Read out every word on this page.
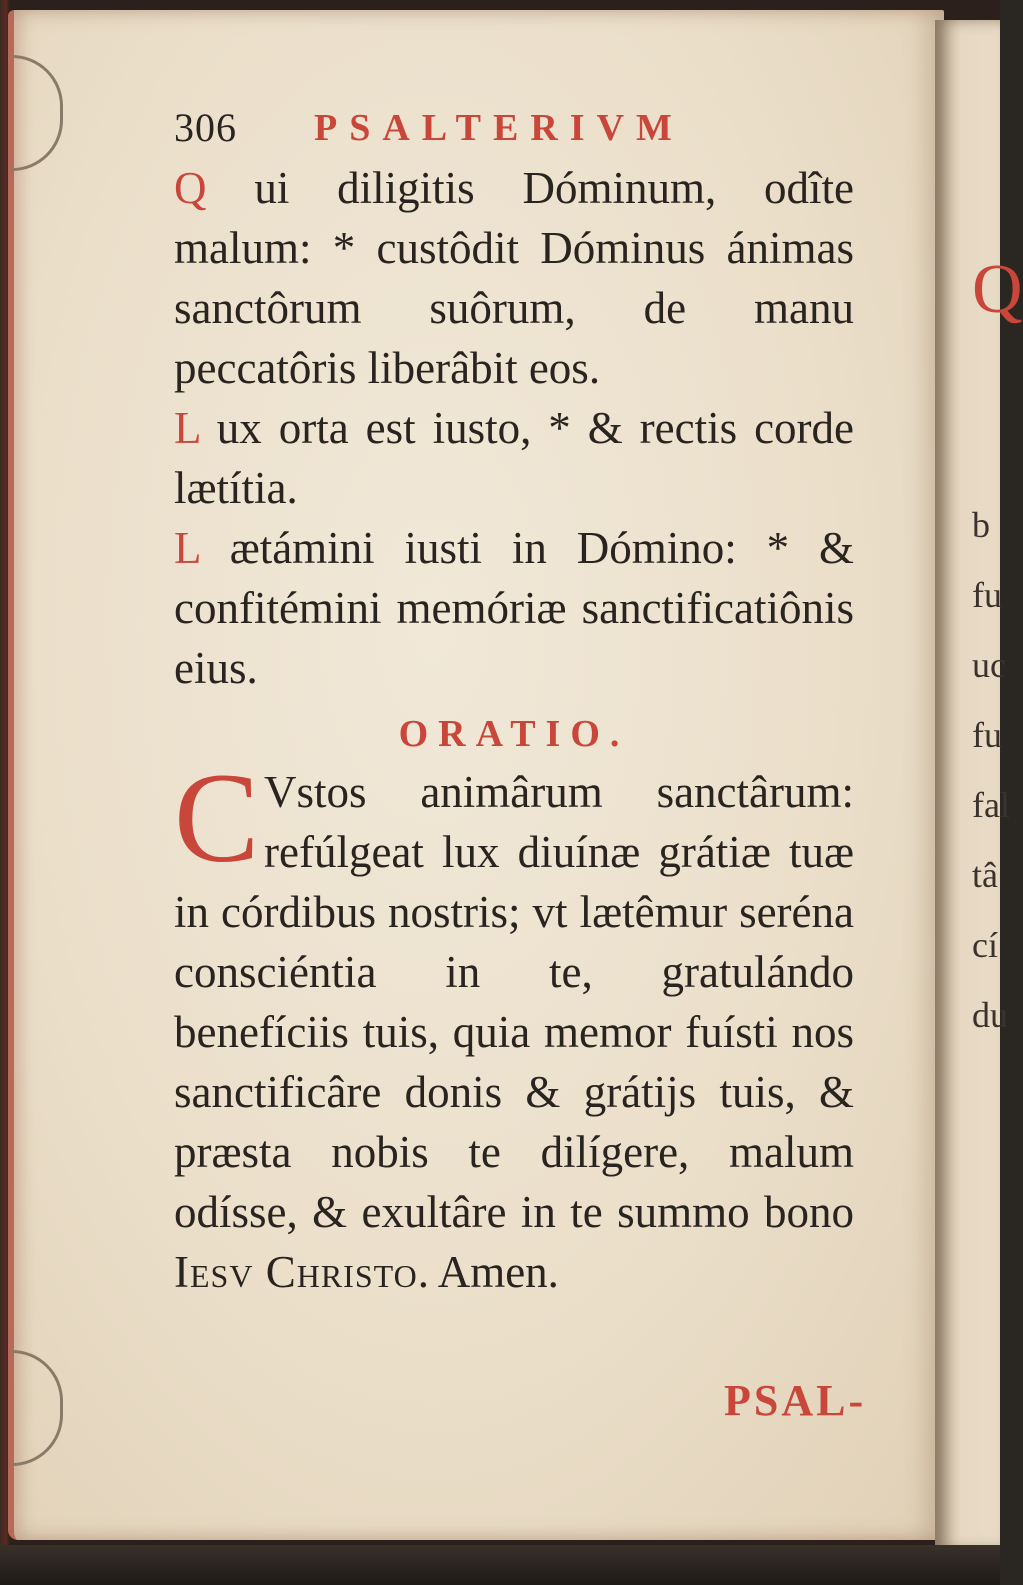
306 PSALTERIVM

Q ui diligitis Dóminum, odîte malum: * custôdit Dóminus ánimas sanctôrum suôrum, de manu peccatôris liberâbit eos.

L ux orta est iusto, * & rectis corde lætítia.

L ætámini iusti in Dómino: * & confitémini memóriæ sanctificatiônis eius.

ORATIO.

C Vstos animârum sanctârum: refúlgeat lux diuínæ grátiæ tuæ in córdibus nostris; vt lætêmur seréna consciéntia in te, gratulándo benefíciis tuis, quia memor fuísti nos sanctificâre donis & grátijs tuis, & præsta nobis te dilígere, malum odísse, & exultâre in te summo bono Iesv Christo. Amen.

PSAL-
Q
b
fu
uc
fu
fal
tâ
cí
du
